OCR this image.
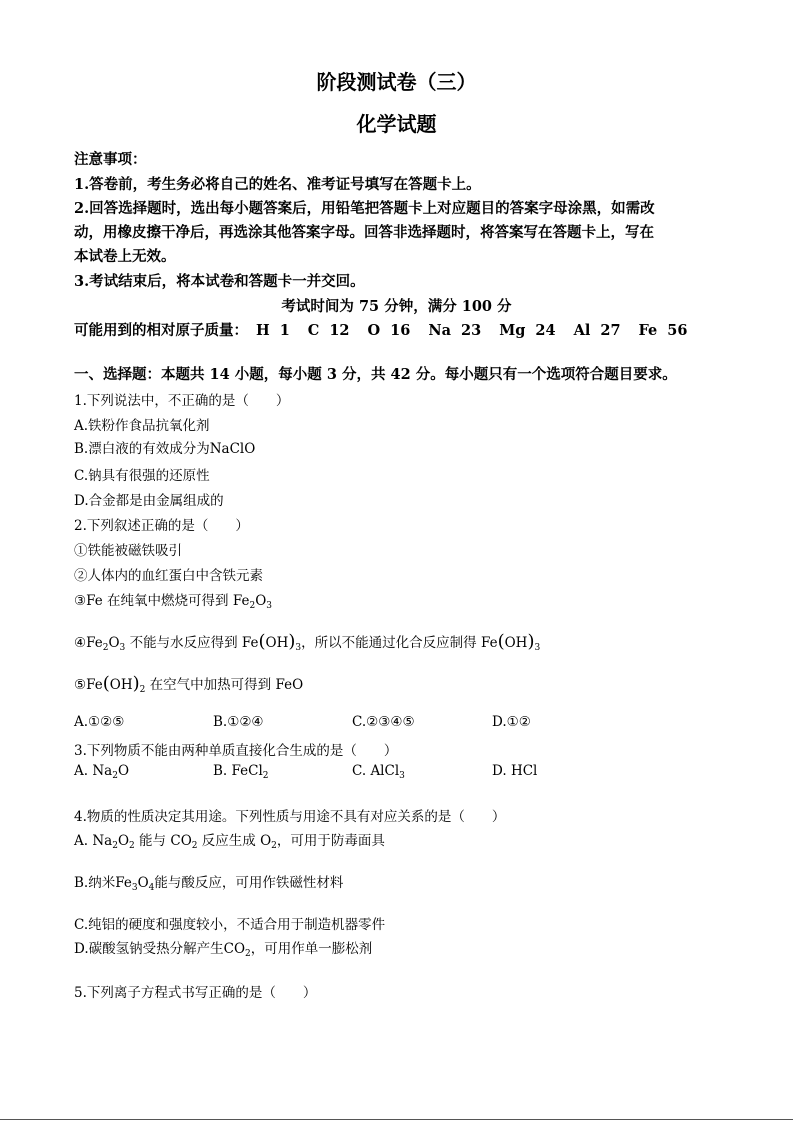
阶段测试卷（三）
化学试题

注意事项：

1.答卷前，考生务必将自己的姓名、准考证号填写在答题卡上。

2.回答选择题时，选出每小题答案后，用铅笔把答题卡上对应题目的答案字母涂黑，如需改

动，用橡皮擦干净后，再选涂其他答案字母。回答非选择题时，将答案写在答题卡上，写在

本试卷上无效。

3.考试结束后，将本试卷和答题卡一并交回。

考试时间为 75 分钟，满分 100 分

可能用到的相对原子质量： H 1 C 12 O 16 Na 23 Mg 24 Al 27 Fe 56

一、选择题：本题共 14 小题，每小题 3 分，共 42 分。每小题只有一个选项符合题目要求。

1.下列说法中，不正确的是（　　）

A.铁粉作食品抗氧化剂

B.漂白液的有效成分为NaClO

C.钠具有很强的还原性

D.合金都是由金属组成的

2.下列叙述正确的是（　　）

①铁能被磁铁吸引

②人体内的血红蛋白中含铁元素

③Fe 在纯氧中燃烧可得到 $Fe_2O_3$

$④Fe_2O_3$ 不能与水反应得到 $Fe(OH)_3$，所以不能通过化合反应制得 $Fe(OH)_3$

$⑤Fe(OH)_2$ 在空气中加热可得到 FeO

A.①②⑤	B.①②④	C.②③④⑤	D.①②

3.下列物质不能由两种单质直接化合生成的是（　　）

A. $Na_2O$	B. FeCl$_2$	C. AlCl$_3$	D. HCl

4.物质的性质决定其用途。下列性质与用途不具有对应关系的是（　　）

A. $Na_2O_2$ 能与 $CO_2$ 反应生成 $O_2$，可用于防毒面具

B.纳米$Fe_3O_4$能与酸反应，可用作铁磁性材料

C.纯铝的硬度和强度较小，不适合用于制造机器零件

D.碳酸氢钠受热分解产生$CO_2$，可用作单一膨松剂

5.下列离子方程式书写正确的是（　　）
